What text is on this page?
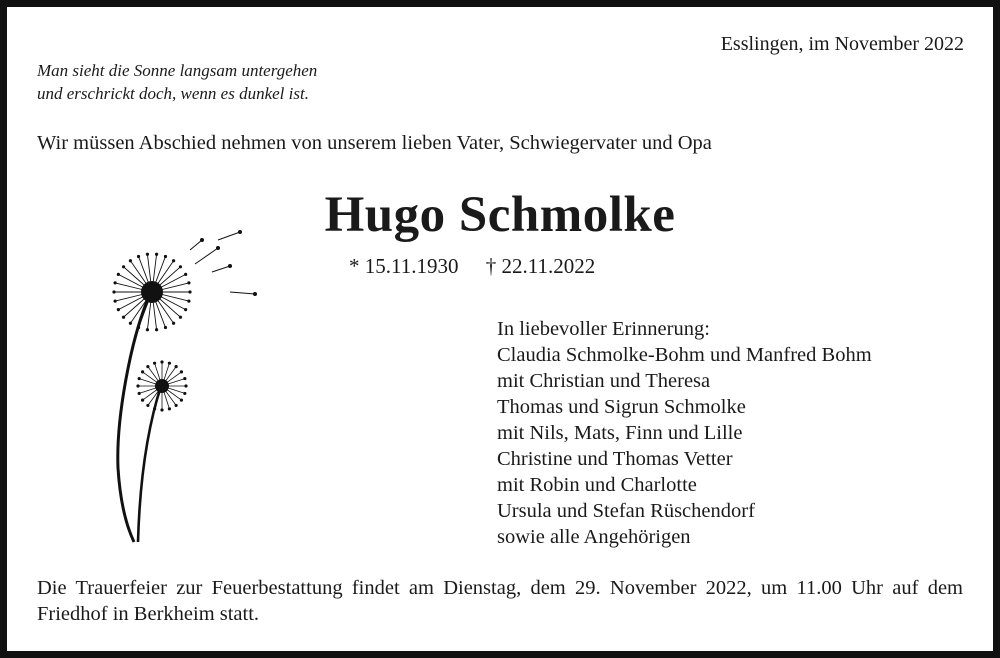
Esslingen, im November 2022
Man sieht die Sonne langsam untergehen
und erschrickt doch, wenn es dunkel ist.
Wir müssen Abschied nehmen von unserem lieben Vater, Schwiegervater und Opa
Hugo Schmolke
* 15.11.1930 † 22.11.2022
In liebevoller Erinnerung:
Claudia Schmolke-Bohm und Manfred Bohm
mit Christian und Theresa
Thomas und Sigrun Schmolke
mit Nils, Mats, Finn und Lille
Christine und Thomas Vetter
mit Robin und Charlotte
Ursula und Stefan Rüschendorf
sowie alle Angehörigen
Die Trauerfeier zur Feuerbestattung findet am Dienstag, dem 29. November 2022, um 11.00 Uhr auf dem Friedhof in Berkheim statt.
